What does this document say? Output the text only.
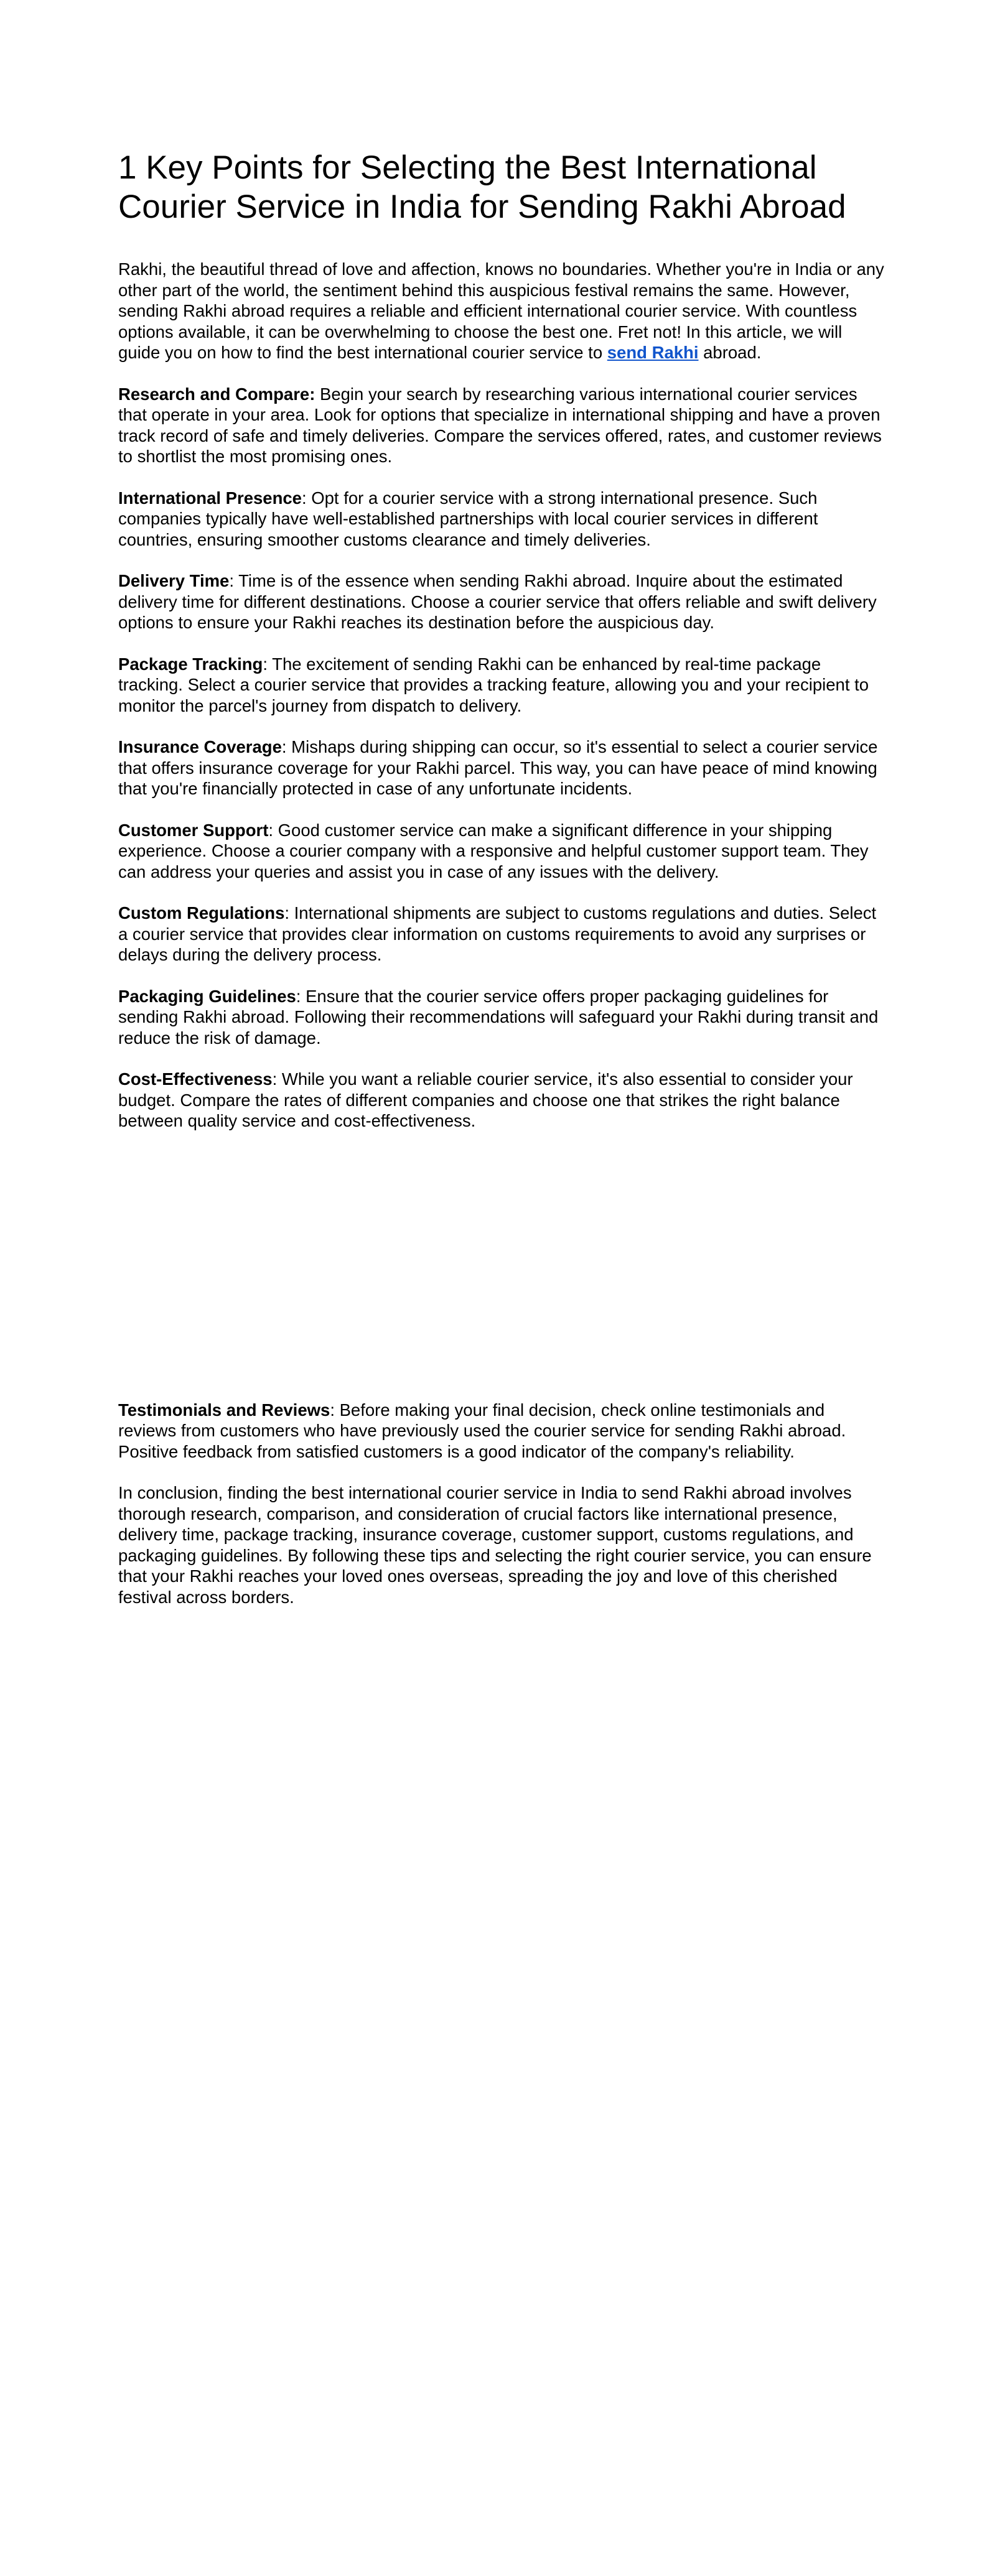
1 Key Points for Selecting the Best International Courier Service in India for Sending Rakhi Abroad

Rakhi, the beautiful thread of love and affection, knows no boundaries. Whether you're in India or any other part of the world, the sentiment behind this auspicious festival remains the same. However, sending Rakhi abroad requires a reliable and efficient international courier service. With countless options available, it can be overwhelming to choose the best one. Fret not! In this article, we will guide you on how to find the best international courier service to send Rakhi abroad.

Research and Compare: Begin your search by researching various international courier services that operate in your area. Look for options that specialize in international shipping and have a proven track record of safe and timely deliveries. Compare the services offered, rates, and customer reviews to shortlist the most promising ones.

International Presence: Opt for a courier service with a strong international presence. Such companies typically have well-established partnerships with local courier services in different countries, ensuring smoother customs clearance and timely deliveries.

Delivery Time: Time is of the essence when sending Rakhi abroad. Inquire about the estimated delivery time for different destinations. Choose a courier service that offers reliable and swift delivery options to ensure your Rakhi reaches its destination before the auspicious day.

Package Tracking: The excitement of sending Rakhi can be enhanced by real-time package tracking. Select a courier service that provides a tracking feature, allowing you and your recipient to monitor the parcel's journey from dispatch to delivery.

Insurance Coverage: Mishaps during shipping can occur, so it's essential to select a courier service that offers insurance coverage for your Rakhi parcel. This way, you can have peace of mind knowing that you're financially protected in case of any unfortunate incidents.

Customer Support: Good customer service can make a significant difference in your shipping experience. Choose a courier company with a responsive and helpful customer support team. They can address your queries and assist you in case of any issues with the delivery.

Custom Regulations: International shipments are subject to customs regulations and duties. Select a courier service that provides clear information on customs requirements to avoid any surprises or delays during the delivery process.

Packaging Guidelines: Ensure that the courier service offers proper packaging guidelines for sending Rakhi abroad. Following their recommendations will safeguard your Rakhi during transit and reduce the risk of damage.

Cost-Effectiveness: While you want a reliable courier service, it's also essential to consider your budget. Compare the rates of different companies and choose one that strikes the right balance between quality service and cost-effectiveness.

Testimonials and Reviews: Before making your final decision, check online testimonials and reviews from customers who have previously used the courier service for sending Rakhi abroad. Positive feedback from satisfied customers is a good indicator of the company's reliability.

In conclusion, finding the best international courier service in India to send Rakhi abroad involves thorough research, comparison, and consideration of crucial factors like international presence, delivery time, package tracking, insurance coverage, customer support, customs regulations, and packaging guidelines. By following these tips and selecting the right courier service, you can ensure that your Rakhi reaches your loved ones overseas, spreading the joy and love of this cherished festival across borders.
